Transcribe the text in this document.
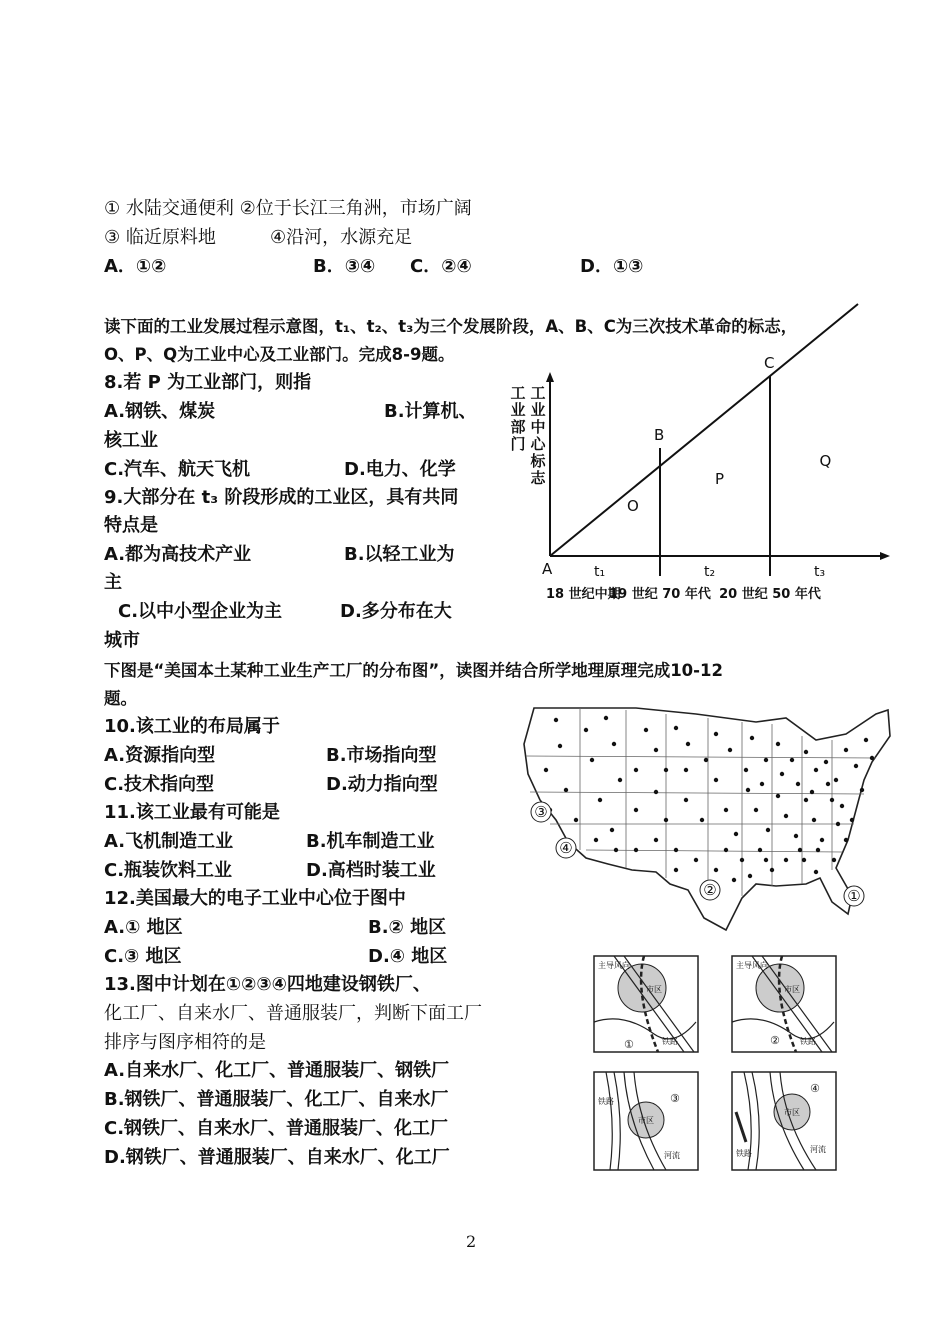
① 水陆交通便利 ②位于长江三角洲，市场广阔
③ 临近原料地	④沿河，水源充足
A．①②	B．③④ C．②④	D．①③
读下面的工业发展过程示意图，t₁、t₂、t₃为三个发展阶段，A、B、C为三次技术革命的标志，
O、P、Q为工业中心及工业部门。完成8-9题。
8.若 P 为工业部门，则指
A.钢铁、煤炭	B.计算机、
核工业
C.汽车、航天飞机	D.电力、化学
9.大部分在 t₃ 阶段形成的工业区，具有共同
特点是
A.都为高技术产业	B.以轻工业为
主
C.以中小型企业为主	D.多分布在大
城市
工业部门
工业中心标志
A
B
C
t₁	t₂	t₃
O
P
Q
18 世纪中期
19 世纪 70 年代 20 世纪 50 年代
下图是“美国本土某种工业生产工厂的分布图”，读图并结合所学地理原理完成10-12
题。
③
④
②	①
10.该工业的布局属于
A.资源指向型	B.市场指向型
C.技术指向型	D.动力指向型
11.该工业最有可能是
A.飞机制造工业	B.机车制造工业
C.瓶装饮料工业	D.高档时装工业
12.美国最大的电子工业中心位于图中
A.① 地区	B.② 地区
C.③ 地区	D.④ 地区
13.图中计划在①②③④四地建设钢铁厂、
化工厂、自来水厂、普通服装厂，判断下面工厂
排序与图序相符的是
A.自来水厂、化工厂、普通服装厂、钢铁厂
B.钢铁厂、普通服装厂、化工厂、自来水厂
C.钢铁厂、自来水厂、普通服装厂、化工厂
D.钢铁厂、普通服装厂、自来水厂、化工厂
市区
主导风向
铁路
①
市区
主导风向
铁路
②
市区
铁路
河流
③
市区
铁路	河流
④
2
